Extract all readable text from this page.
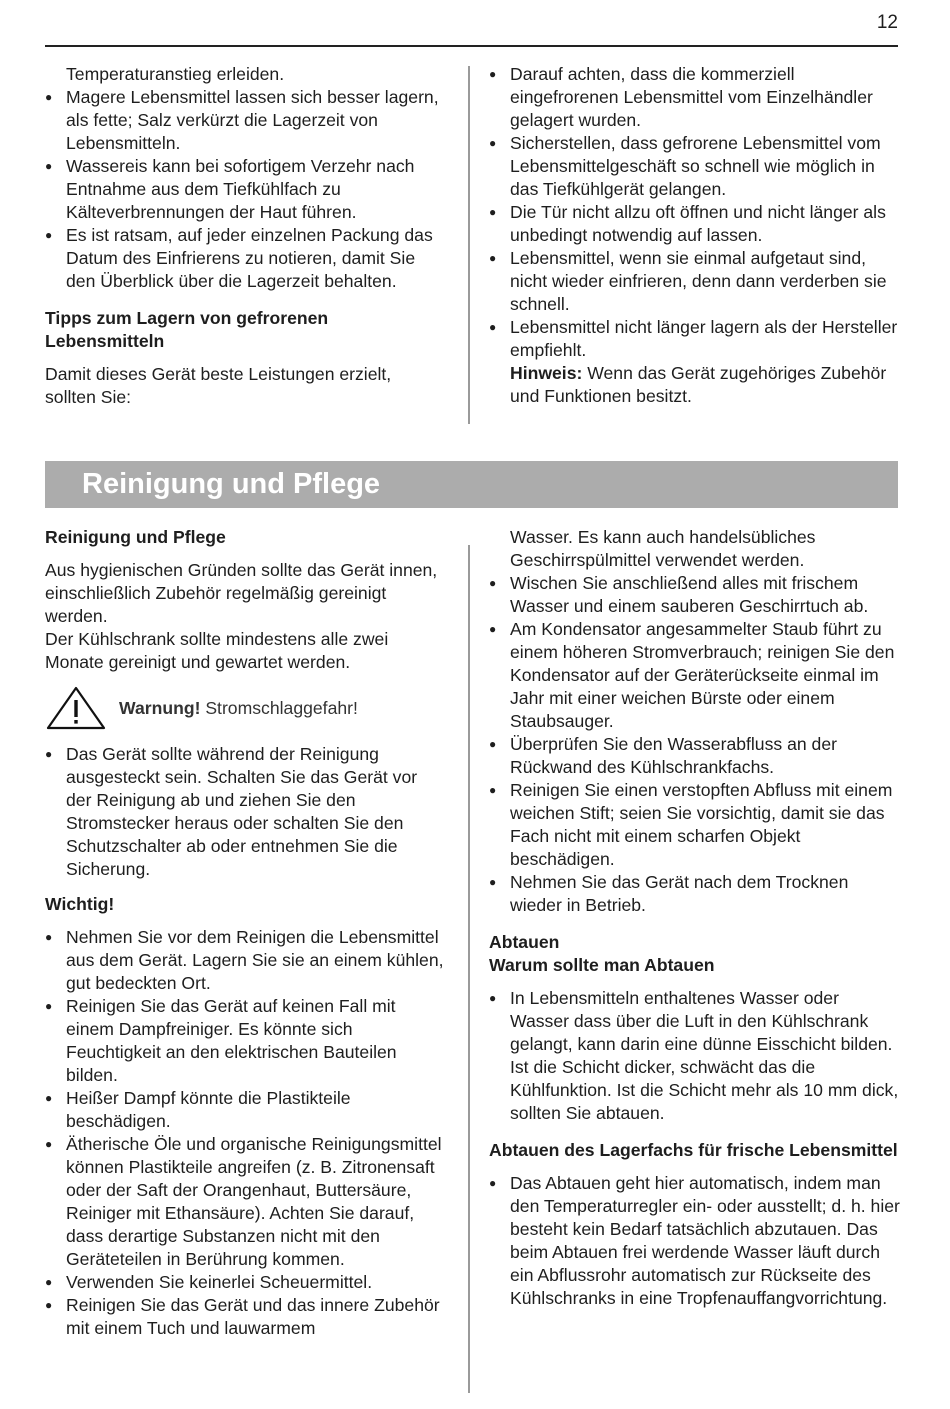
12

Temperaturanstieg erleiden.

● Magere Lebensmittel lassen sich besser lagern, als fette; Salz verkürzt die Lagerzeit von Lebensmitteln.
● Wassereis kann bei sofortigem Verzehr nach Entnahme aus dem Tiefkühlfach zu Kälteverbrennungen der Haut führen.
● Es ist ratsam, auf jeder einzelnen Packung das Datum des Einfrierens zu notieren, damit Sie den Überblick über die Lagerzeit behalten.
Tipps zum Lagern von gefrorenen Lebensmitteln

Damit dieses Gerät beste Leistungen erzielt, sollten Sie:

● Darauf achten, dass die kommerziell eingefrorenen Lebensmittel vom Einzelhändler gelagert wurden.
● Sicherstellen, dass gefrorene Lebensmittel vom Lebensmittelgeschäft so schnell wie möglich in das Tiefkühlgerät gelangen.
● Die Tür nicht allzu oft öffnen und nicht länger als unbedingt notwendig auf lassen.
● Lebensmittel, wenn sie einmal aufgetaut sind, nicht wieder einfrieren, denn dann verderben sie schnell.
● Lebensmittel nicht länger lagern als der Hersteller empfiehlt.

Hinweis: Wenn das Gerät zugehöriges Zubehör und Funktionen besitzt.

Reinigung und Pflege
Reinigung und Pflege

Aus hygienischen Gründen sollte das Gerät innen, einschließlich Zubehör regelmäßig gereinigt werden.

Der Kühlschrank sollte mindestens alle zwei Monate gereinigt und gewartet werden.

Warnung! Stromschlaggefahr!
● Das Gerät sollte während der Reinigung ausgesteckt sein. Schalten Sie das Gerät vor der Reinigung ab und ziehen Sie den Stromstecker heraus oder schalten Sie den Schutzschalter ab oder entnehmen Sie die Sicherung.
Wichtig!
● Nehmen Sie vor dem Reinigen die Lebensmittel aus dem Gerät. Lagern Sie sie an einem kühlen, gut bedeckten Ort.
● Reinigen Sie das Gerät auf keinen Fall mit einem Dampfreiniger. Es könnte sich Feuchtigkeit an den elektrischen Bauteilen bilden.
● Heißer Dampf könnte die Plastikteile beschädigen.
● Ätherische Öle und organische Reinigungsmittel können Plastikteile angreifen (z. B. Zitronensaft oder der Saft der Orangenhaut, Buttersäure, Reiniger mit Ethansäure). Achten Sie darauf, dass derartige Substanzen nicht mit den Geräteteilen in Berührung kommen.
● Verwenden Sie keinerlei Scheuermittel.
● Reinigen Sie das Gerät und das innere Zubehör mit einem Tuch und lauwarmem

Wasser. Es kann auch handelsübliches Geschirrspülmittel verwendet werden.

● Wischen Sie anschließend alles mit frischem Wasser und einem sauberen Geschirrtuch ab.
● Am Kondensator angesammelter Staub führt zu einem höheren Stromverbrauch; reinigen Sie den Kondensator auf der Geräterückseite einmal im Jahr mit einer weichen Bürste oder einem Staubsauger.
● Überprüfen Sie den Wasserabfluss an der Rückwand des Kühlschrankfachs.
● Reinigen Sie einen verstopften Abfluss mit einem weichen Stift; seien Sie vorsichtig, damit sie das Fach nicht mit einem scharfen Objekt beschädigen.
● Nehmen Sie das Gerät nach dem Trocknen wieder in Betrieb.
Abtauen
Warum sollte man Abtauen
● In Lebensmitteln enthaltenes Wasser oder Wasser dass über die Luft in den Kühlschrank gelangt, kann darin eine dünne Eisschicht bilden. Ist die Schicht dicker, schwächt das die Kühlfunktion. Ist die Schicht mehr als 10 mm dick, sollten Sie abtauen.
Abtauen des Lagerfachs für frische Lebensmittel
● Das Abtauen geht hier automatisch, indem man den Temperaturregler ein- oder ausstellt; d. h. hier besteht kein Bedarf tatsächlich abzutauen. Das beim Abtauen frei werdende Wasser läuft durch ein Abflussrohr automatisch zur Rückseite des Kühlschranks in eine Tropfenauffangvorrichtung.
